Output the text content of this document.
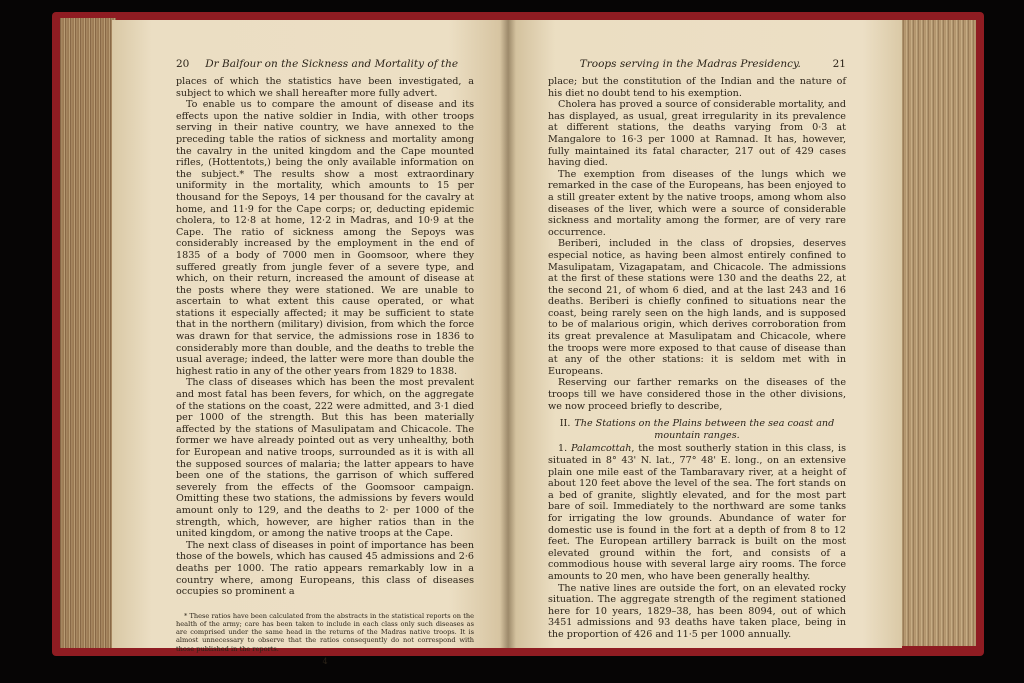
20 Dr Balfour on the Sickness and Mortality of the

places of which the statistics have been investigated, a subject to which we shall hereafter more fully advert.

To enable us to compare the amount of disease and its effects upon the native soldier in India, with other troops serving in their native country, we have annexed to the preceding table the ratios of sickness and mortality among the cavalry in the united kingdom and the Cape mounted rifles, (Hottentots,) being the only available information on the subject.* The results show a most extraordinary uniformity in the mortality, which amounts to 15 per thousand for the Sepoys, 14 per thousand for the cavalry at home, and 11·9 for the Cape corps; or, deducting epidemic cholera, to 12·8 at home, 12·2 in Madras, and 10·9 at the Cape. The ratio of sickness among the Sepoys was considerably increased by the employment in the end of 1835 of a body of 7000 men in Goomsoor, where they suffered greatly from jungle fever of a severe type, and which, on their return, increased the amount of disease at the posts where they were stationed. We are unable to ascertain to what extent this cause operated, or what stations it especially affected; it may be sufficient to state that in the northern (military) division, from which the force was drawn for that service, the admissions rose in 1836 to considerably more than double, and the deaths to treble the usual average; indeed, the latter were more than double the highest ratio in any of the other years from 1829 to 1838.

The class of diseases which has been the most prevalent and most fatal has been fevers, for which, on the aggregate of the stations on the coast, 222 were admitted, and 3·1 died per 1000 of the strength. But this has been materially affected by the stations of Masulipatam and Chicacole. The former we have already pointed out as very unhealthy, both for European and native troops, surrounded as it is with all the supposed sources of malaria; the latter appears to have been one of the stations, the garrison of which suffered severely from the effects of the Goomsoor campaign. Omitting these two stations, the admissions by fevers would amount only to 129, and the deaths to 2· per 1000 of the strength, which, however, are higher ratios than in the united kingdom, or among the native troops at the Cape.

The next class of diseases in point of importance has been those of the bowels, which has caused 45 admissions and 2·6 deaths per 1000. The ratio appears remarkably low in a country where, among Europeans, this class of diseases occupies so prominent a

* These ratios have been calculated from the abstracts in the statistical reports on the health of the army; care has been taken to include in each class only such diseases as are comprised under the same head in the returns of the Madras native troops. It is almost unnecessary to observe that the ratios consequently do not correspond with those published in the reports.
4
Troops serving in the Madras Presidency.	21

place; but the constitution of the Indian and the nature of his diet no doubt tend to his exemption.

Cholera has proved a source of considerable mortality, and has displayed, as usual, great irregularity in its prevalence at different stations, the deaths varying from 0·3 at Mangalore to 16·3 per 1000 at Ramnad. It has, however, fully maintained its fatal character, 217 out of 429 cases having died.

The exemption from diseases of the lungs which we remarked in the case of the Europeans, has been enjoyed to a still greater extent by the native troops, among whom also diseases of the liver, which were a source of considerable sickness and mortality among the former, are of very rare occurrence.

Beriberi, included in the class of dropsies, deserves especial notice, as having been almost entirely confined to Masulipatam, Vizagapatam, and Chicacole. The admissions at the first of these stations were 130 and the deaths 22, at the second 21, of whom 6 died, and at the last 243 and 16 deaths. Beriberi is chiefly confined to situations near the coast, being rarely seen on the high lands, and is supposed to be of malarious origin, which derives corroboration from its great prevalence at Masulipatam and Chicacole, where the troops were more exposed to that cause of disease than at any of the other stations: it is seldom met with in Europeans.

Reserving our farther remarks on the diseases of the troops till we have considered those in the other divisions, we now proceed briefly to describe,

II. The Stations on the Plains between the sea coast and mountain ranges.

1. Palamcottah, the most southerly station in this class, is situated in 8° 43' N. lat., 77° 48' E. long., on an extensive plain one mile east of the Tambaravary river, at a height of about 120 feet above the level of the sea. The fort stands on a bed of granite, slightly elevated, and for the most part bare of soil. Immediately to the northward are some tanks for irrigating the low grounds. Abundance of water for domestic use is found in the fort at a depth of from 8 to 12 feet. The European artillery barrack is built on the most elevated ground within the fort, and consists of a commodious house with several large airy rooms. The force amounts to 20 men, who have been generally healthy.

The native lines are outside the fort, on an elevated rocky situation. The aggregate strength of the regiment stationed here for 10 years, 1829–38, has been 8094, out of which 3451 admissions and 93 deaths have taken place, being in the proportion of 426 and 11·5 per 1000 annually.
